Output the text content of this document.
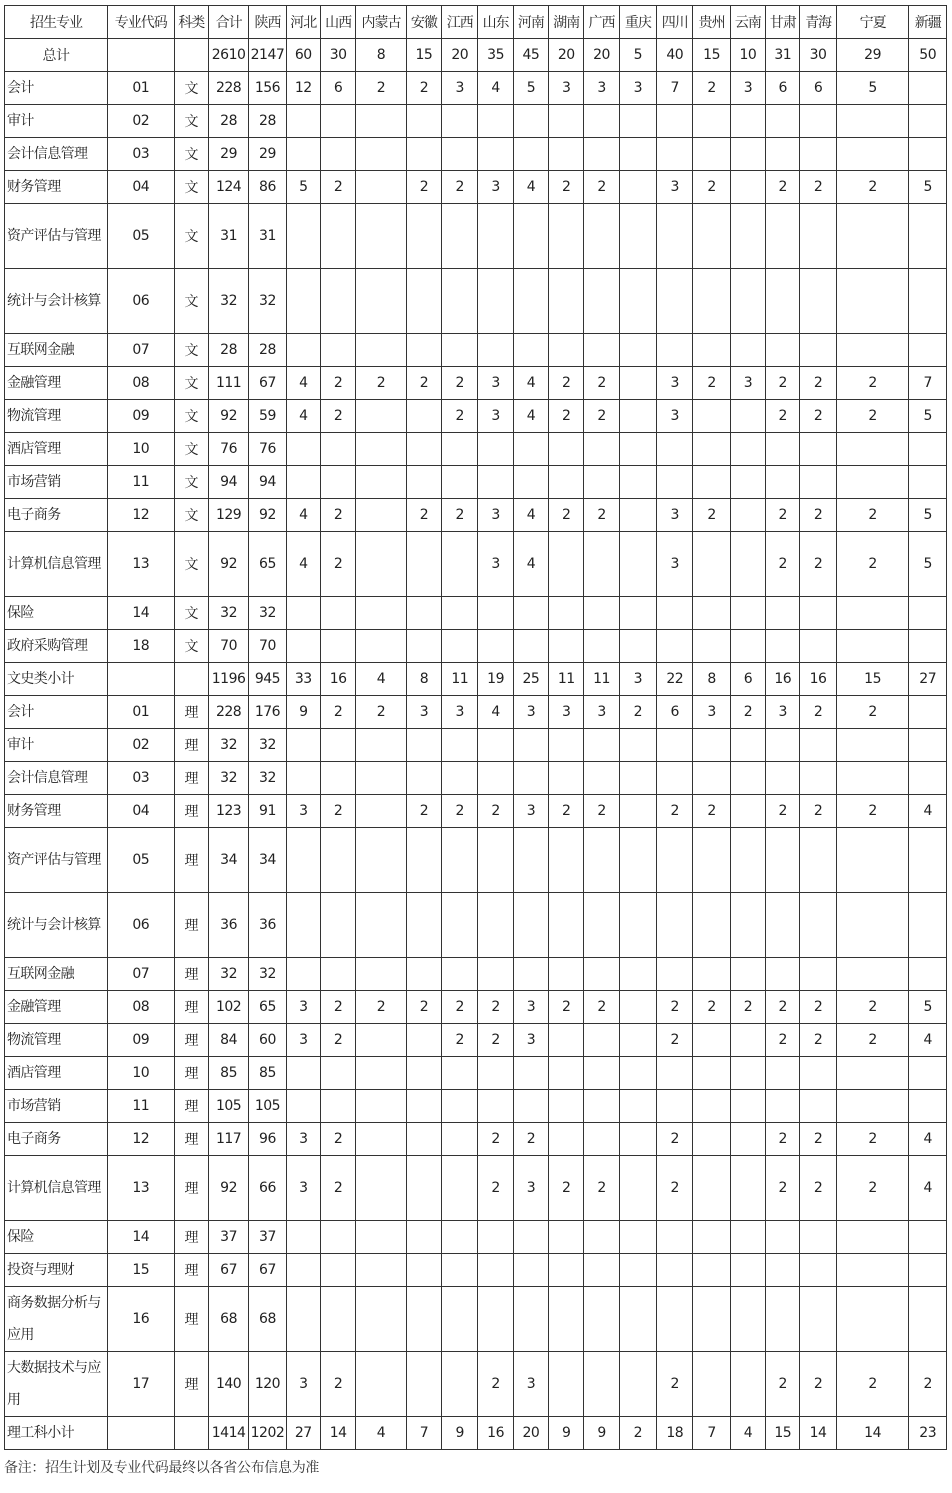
招生专业	专业代码	科类	合计	陕西	河北	山西	内蒙古	安徽	江西	山东	河南	湖南	广西	重庆	四川	贵州	云南	甘肃	青海	宁夏	新疆
总计			2610	2147	60	30	8	15	20	35	45	20	20	5	40	15	10	31	30	29	50
会计	01	文	228	156	12	6	2	2	3	4	5	3	3	3	7	2	3	6	6	5	
审计	02	文	28	28																	
会计信息管理	03	文	29	29																	
财务管理	04	文	124	86	5	2		2	2	3	4	2	2		3	2		2	2	2	5
资产评估与管理	05	文	31	31																	
统计与会计核算	06	文	32	32																	
互联网金融	07	文	28	28																	
金融管理	08	文	111	67	4	2	2	2	2	3	4	2	2		3	2	3	2	2	2	7
物流管理	09	文	92	59	4	2			2	3	4	2	2		3			2	2	2	5
酒店管理	10	文	76	76																	
市场营销	11	文	94	94																	
电子商务	12	文	129	92	4	2		2	2	3	4	2	2		3	2		2	2	2	5
计算机信息管理	13	文	92	65	4	2				3	4				3			2	2	2	5
保险	14	文	32	32																	
政府采购管理	18	文	70	70																	
文史类小计			1196	945	33	16	4	8	11	19	25	11	11	3	22	8	6	16	16	15	27
会计	01	理	228	176	9	2	2	3	3	4	3	3	3	2	6	3	2	3	2	2	
审计	02	理	32	32																	
会计信息管理	03	理	32	32																	
财务管理	04	理	123	91	3	2		2	2	2	3	2	2		2	2		2	2	2	4
资产评估与管理	05	理	34	34																	
统计与会计核算	06	理	36	36																	
互联网金融	07	理	32	32																	
金融管理	08	理	102	65	3	2	2	2	2	2	3	2	2		2	2	2	2	2	2	5
物流管理	09	理	84	60	3	2			2	2	3				2			2	2	2	4
酒店管理	10	理	85	85																	
市场营销	11	理	105	105																	
电子商务	12	理	117	96	3	2				2	2				2			2	2	2	4
计算机信息管理	13	理	92	66	3	2				2	3	2	2		2			2	2	2	4
保险	14	理	37	37																	
投资与理财	15	理	67	67																	
商务数据分析与应用	16	理	68	68																	
大数据技术与应用	17	理	140	120	3	2				2	3				2			2	2	2	2
理工科小计			1414	1202	27	14	4	7	9	16	20	9	9	2	18	7	4	15	14	14	23
备注：招生计划及专业代码最终以各省公布信息为准
